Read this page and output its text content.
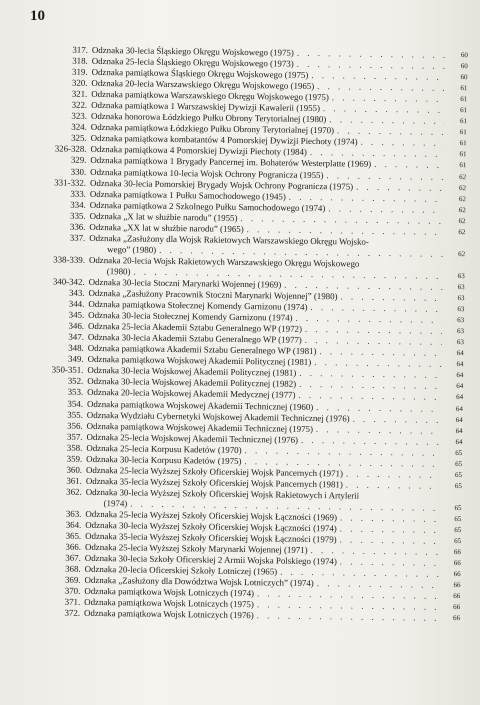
10
317. Odznaka 30-lecia Śląskiego Okręgu Wojskowego (1975) . . .	60
318. Odznaka 25-lecia Śląskiego Okręgu Wojskowego (1973) . . .	60
319. Odznaka pamiątkowa Śląskiego Okręgu Wojskowego (1975) . . .	60
320. Odznaka 20-lecia Warszawskiego Okręgu Wojskowego (1965) . . .	61
321. Odznaka pamiątkowa Warszawskiego Okręgu Wojskowego (1975) . . .	61
322. Odznaka pamiątkowa 1 Warszawskiej Dywizji Kawalerii (1955) . . .	61
323. Odznaka honorowa Łódzkiego Pułku Obrony Terytorialnej (1980) . . .	61
324. Odznaka pamiątkowa Łódzkiego Pułku Obrony Terytorialnej (1970) . . .	61
325. Odznaka pamiątkowa kombatantów 4 Pomorskiej Dywizji Piechoty (1974) . . .	61
326-328. Odznaka pamiątkowa 4 Pomorskiej Dywizji Piechoty (1984) . . .	61
329. Odznaka pamiątkowa 1 Brygady Pancernej im. Bohaterów Westerplatte (1969) . . .	61
330. Odznaka pamiątkowa 10-lecia Wojsk Ochrony Pogranicza (1955) . . .	62
331-332. Odznaka 30-lecia Pomorskiej Brygady Wojsk Ochrony Pogranicza (1975) . . .	62
333. Odznaka pamiątkowa 1 Pułku Samochodowego (1945) . . .	62
334. Odznaka pamiątkowa 2 Szkolnego Pułku Samochodowego (1974) . . .	62
335. Odznaka „X lat w służbie narodu” (1955) . . .	62
336. Odznaka „XX lat w służbie narodu” (1965) . . .	62
337. Odznaka „Zasłużony dla Wojsk Rakietowych Warszawskiego Okręgu Wojsko-
wego” (1980) . . .	62
338-339. Odznaka 20-lecia Wojsk Rakietowych Warszawskiego Okręgu Wojskowego
(1980) . . .	63
340-342. Odznaka 30-lecia Stoczni Marynarki Wojennej (1969) . . .	63
343. Odznaka „Zasłużony Pracownik Stoczni Marynarki Wojennej” (1980) . . .	63
344. Odznaka pamiątkowa Stołecznej Komendy Garnizonu (1974) . . .	63
345. Odznaka 30-lecia Stołecznej Komendy Garnizonu (1974) . . .	63
346. Odznaka 25-lecia Akademii Sztabu Generalnego WP (1972) . . .	63
347. Odznaka 30-lecia Akademii Sztabu Generalnego WP (1977) . . .	63
348. Odznaka pamiątkowa Akademii Sztabu Generalnego WP (1981) . . .	64
349. Odznaka pamiątkowa Wojskowej Akademii Politycznej (1981) . . .	64
350-351. Odznaka 30-lecia Wojskowej Akademii Politycznej (1981) . . .	64
352. Odznaka 30-lecia Wojskowej Akademii Politycznej (1982) . . .	64
353. Odznaka 20-lecia Wojskowej Akademii Medycznej (1977) . . .	64
354. Odznaka pamiątkowa Wojskowej Akademii Technicznej (1960) . . .	64
355. Odznaka Wydziału Cybernetyki Wojskowej Akademii Technicznej (1976) . . .	64
356. Odznaka pamiątkowa Wojskowej Akademii Technicznej (1975) . . .	64
357. Odznaka 25-lecia Wojskowej Akademii Technicznej (1976) . . .	64
358. Odznaka 25-lecia Korpusu Kadetów (1970) . . .	65
359. Odznaka 30-lecia Korpusu Kadetów (1975) . . .	65
360. Odznaka 25-lecia Wyższej Szkoły Oficerskiej Wojsk Pancernych (1971) . . .	65
361. Odznaka 35-lecia Wyższej Szkoły Oficerskiej Wojsk Pancernych (1981) . . .	65
362. Odznaka 30-lecia Wyższej Szkoły Oficerskiej Wojsk Rakietowych i Artylerii
(1974) . . .	65
363. Odznaka 25-lecia Wyższej Szkoły Oficerskiej Wojsk Łączności (1969) . . .	65
364. Odznaka 30-lecia Wyższej Szkoły Oficerskiej Wojsk Łączności (1974) . . .	65
365. Odznaka 35-lecia Wyższej Szkoły Oficerskiej Wojsk Łączności (1979) . . .	65
366. Odznaka 25-lecia Wyższej Szkoły Marynarki Wojennej (1971) . . .	66
367. Odznaka 30-lecia Szkoły Oficerskiej 2 Armii Wojska Polskiego (1974) . . .	66
368. Odznaka 20-lecia Oficerskiej Szkoły Lotniczej (1965) . . .	66
369. Odznaka „Zasłużony dla Dowództwa Wojsk Lotniczych” (1974) . . .	66
370. Odznaka pamiątkowa Wojsk Lotniczych (1974) . . .	66
371. Odznaka pamiątkowa Wojsk Lotniczych (1975) . . .	66
372. Odznaka pamiątkowa Wojsk Lotniczych (1976) . . .	66
